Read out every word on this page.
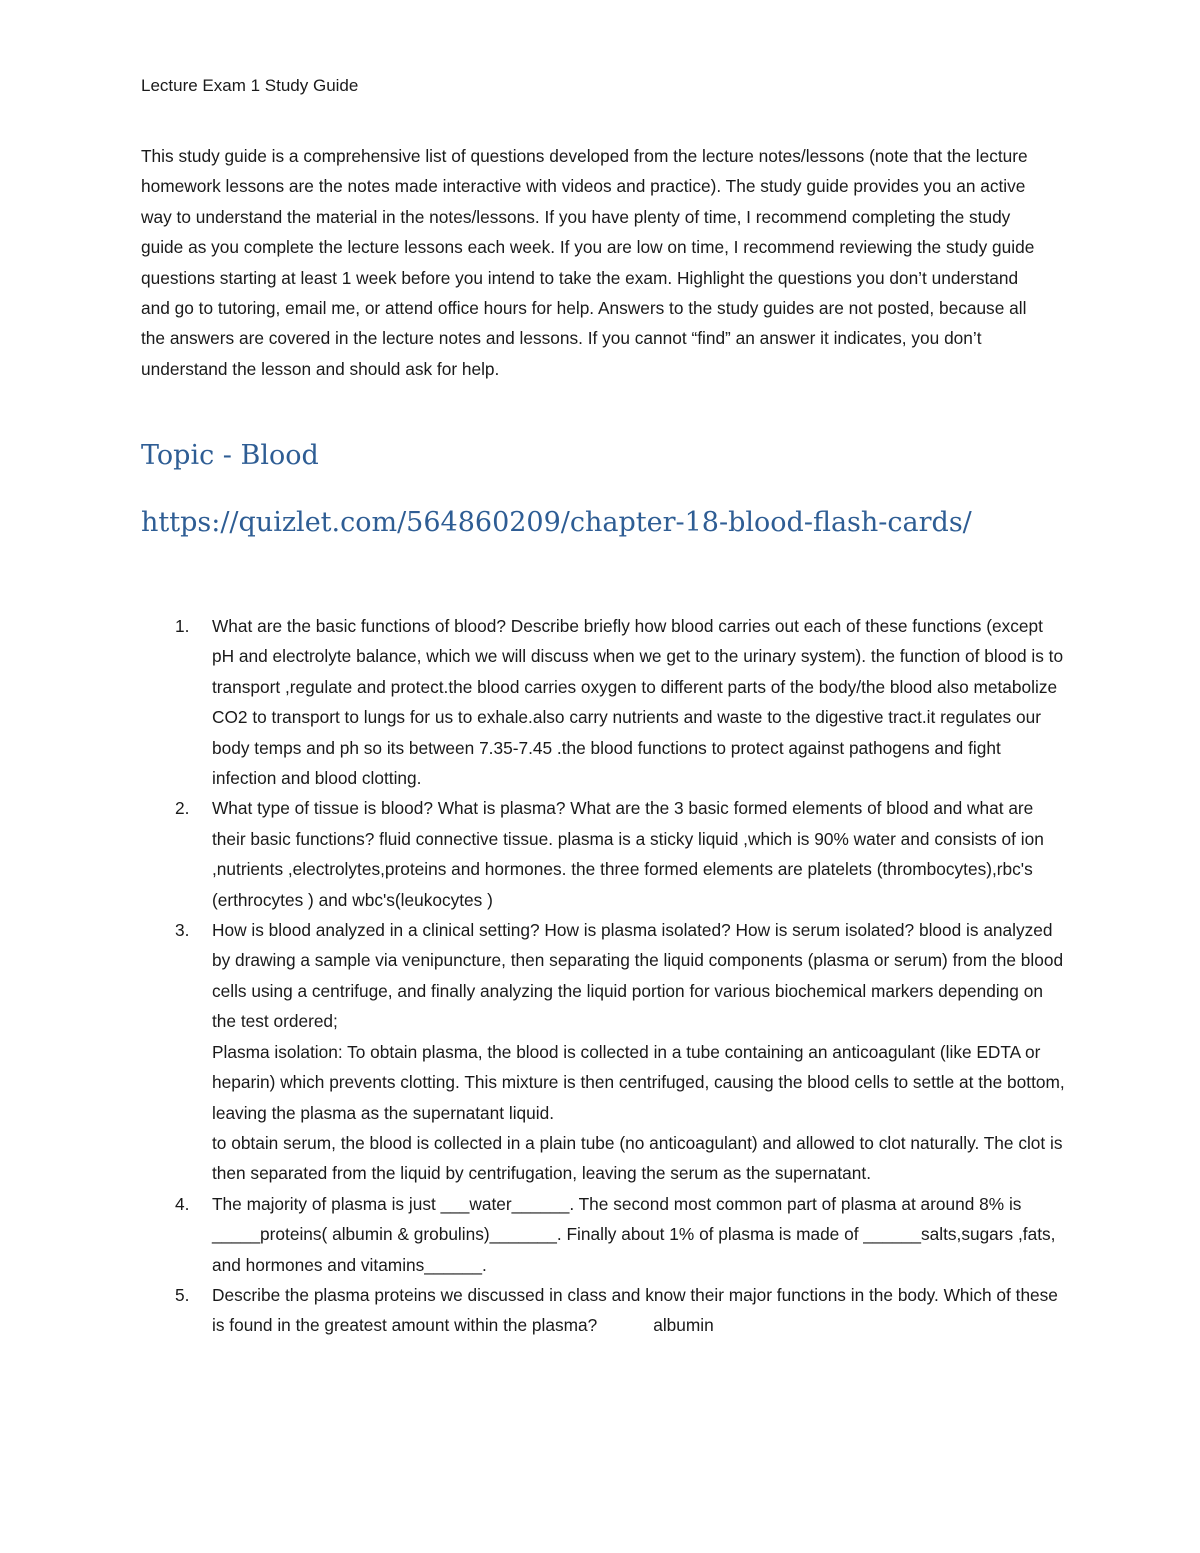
Lecture Exam 1 Study Guide

This study guide is a comprehensive list of questions developed from the lecture notes/lessons (note that the lecture homework lessons are the notes made interactive with videos and practice). The study guide provides you an active way to understand the material in the notes/lessons. If you have plenty of time, I recommend completing the study guide as you complete the lecture lessons each week. If you are low on time, I recommend reviewing the study guide questions starting at least 1 week before you intend to take the exam. Highlight the questions you don’t understand and go to tutoring, email me, or attend office hours for help. Answers to the study guides are not posted, because all the answers are covered in the lecture notes and lessons. If you cannot “find” an answer it indicates, you don’t understand the lesson and should ask for help.

Topic - Blood
https://quizlet.com/564860209/chapter-18-blood-flash-cards/
1. What are the basic functions of blood? Describe briefly how blood carries out each of these functions (except pH and electrolyte balance, which we will discuss when we get to the urinary system). the function of blood is to transport ,regulate and protect.the blood carries oxygen to different parts of the body/the blood also metabolize CO2 to transport to lungs for us to exhale.also carry nutrients and waste to the digestive tract.it regulates our body temps and ph so its between 7.35-7.45 .the blood functions to protect against pathogens and fight infection and blood clotting.
2. What type of tissue is blood? What is plasma? What are the 3 basic formed elements of blood and what are their basic functions? fluid connective tissue. plasma is a sticky liquid ,which is 90% water and consists of ion ,nutrients ,electrolytes,proteins and hormones. the three formed elements are platelets (thrombocytes),rbc's (erthrocytes ) and wbc's(leukocytes )
3. How is blood analyzed in a clinical setting? How is plasma isolated? How is serum isolated? blood is analyzed by drawing a sample via venipuncture, then separating the liquid components (plasma or serum) from the blood cells using a centrifuge, and finally analyzing the liquid portion for various biochemical markers depending on the test ordered;
Plasma isolation: To obtain plasma, the blood is collected in a tube containing an anticoagulant (like EDTA or heparin) which prevents clotting. This mixture is then centrifuged, causing the blood cells to settle at the bottom, leaving the plasma as the supernatant liquid.
to obtain serum, the blood is collected in a plain tube (no anticoagulant) and allowed to clot naturally. The clot is then separated from the liquid by centrifugation, leaving the serum as the supernatant.
4. The majority of plasma is just ___water______. The second most common part of plasma at around 8% is _____proteins( albumin & grobulins)_______. Finally about 1% of plasma is made of ______salts,sugars ,fats, and hormones and vitamins______.
5. Describe the plasma proteins we discussed in class and know their major functions in the body. Which of these is found in the greatest amount within the plasma?	albumin
